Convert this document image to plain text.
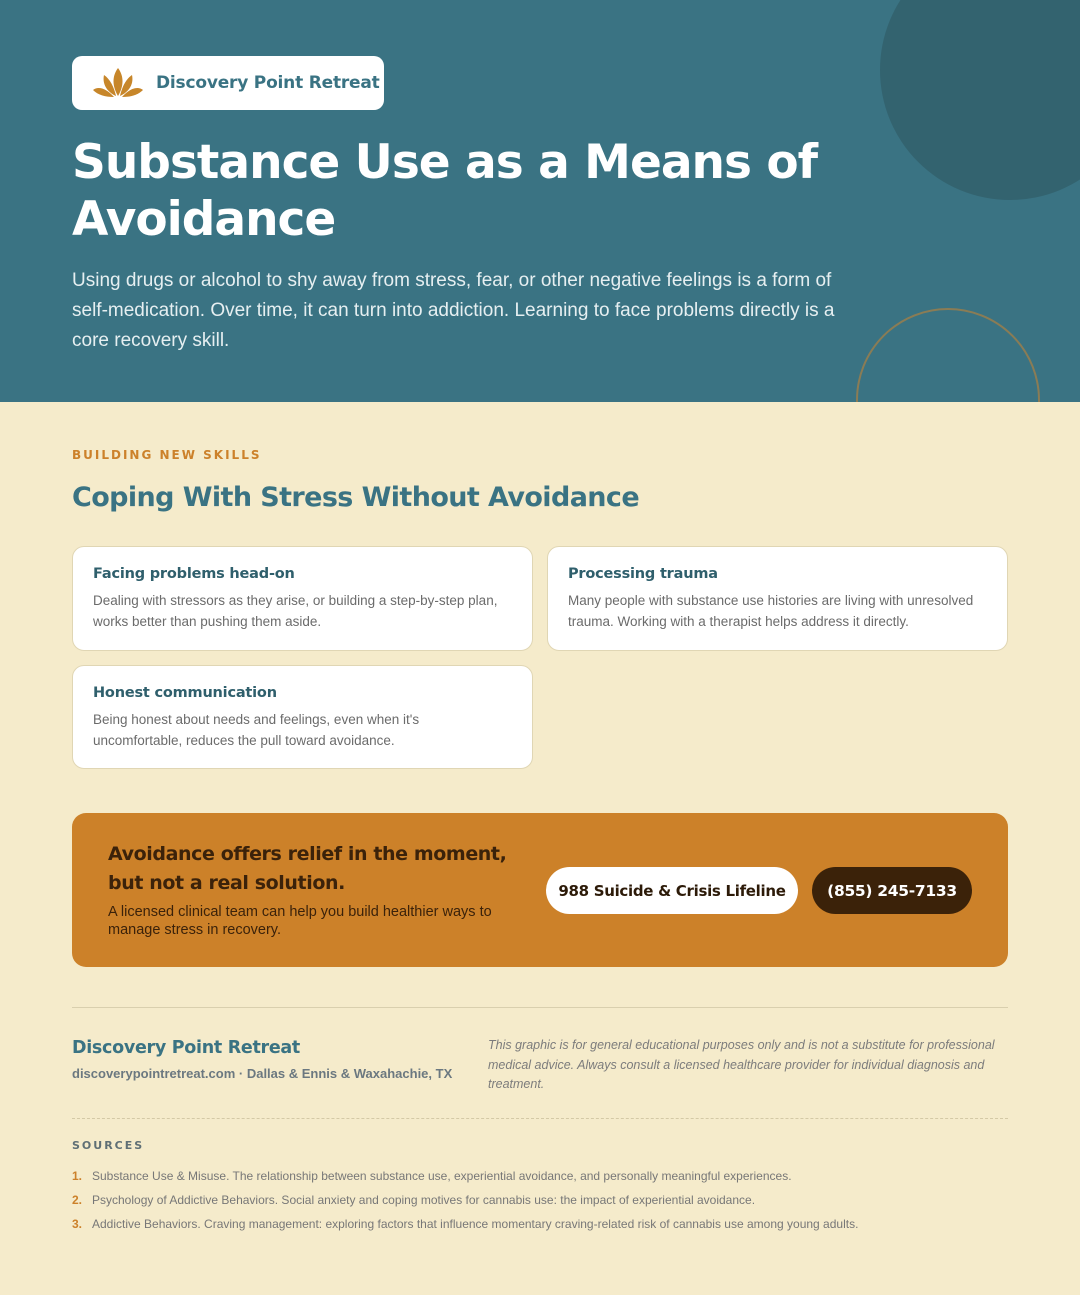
Discovery Point Retreat
Substance Use as a Means of Avoidance

Using drugs or alcohol to shy away from stress, fear, or other negative feelings is a form of self-medication. Over time, it can turn into addiction. Learning to face problems directly is a core recovery skill.

BUILDING NEW SKILLS
Coping With Stress Without Avoidance
Facing problems head-on
Dealing with stressors as they arise, or building a step-by-step plan, works better than pushing them aside.
Processing trauma
Many people with substance use histories are living with unresolved trauma. Working with a therapist helps address it directly.
Honest communication
Being honest about needs and feelings, even when it's uncomfortable, reduces the pull toward avoidance.
Avoidance offers relief in the moment, but not a real solution.
A licensed clinical team can help you build healthier ways to manage stress in recovery.
988 Suicide & Crisis Lifeline	(855) 245-7133
Discovery Point Retreat
discoverypointretreat.com · Dallas & Ennis & Waxahachie, TX
This graphic is for general educational purposes only and is not a substitute for professional medical advice. Always consult a licensed healthcare provider for individual diagnosis and treatment.
SOURCES
1. Substance Use & Misuse. The relationship between substance use, experiential avoidance, and personally meaningful experiences.
2. Psychology of Addictive Behaviors. Social anxiety and coping motives for cannabis use: the impact of experiential avoidance.
3. Addictive Behaviors. Craving management: exploring factors that influence momentary craving-related risk of cannabis use among young adults.
